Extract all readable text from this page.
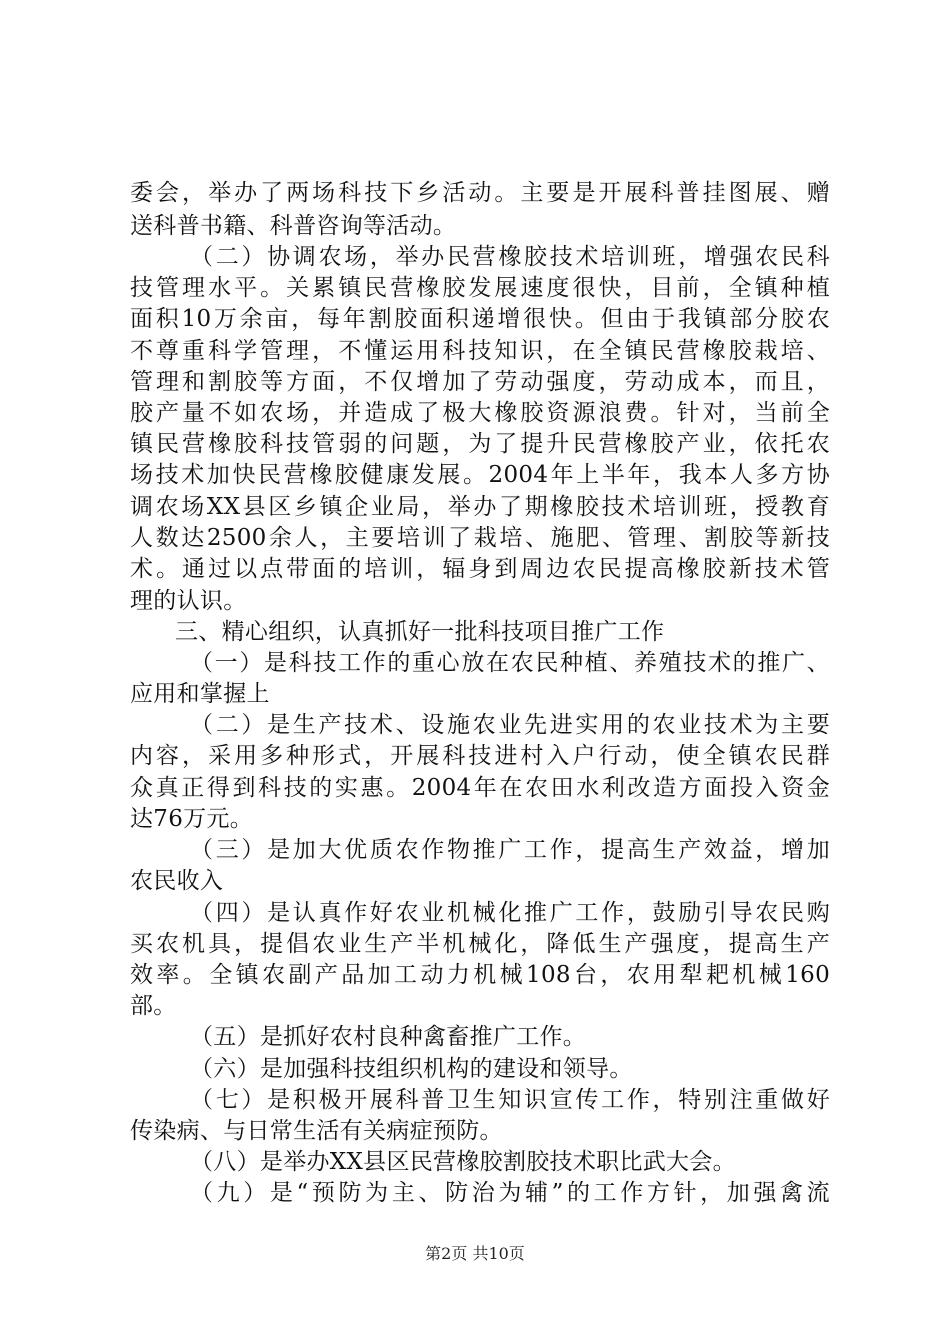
委会，举办了两场科技下乡活动。主要是开展科普挂图展、赠
送科普书籍、科普咨询等活动。
（二）协调农场，举办民营橡胶技术培训班，增强农民科
技管理水平。关累镇民营橡胶发展速度很快，目前，全镇种植
面积10万余亩，每年割胶面积递增很快。但由于我镇部分胶农
不尊重科学管理，不懂运用科技知识，在全镇民营橡胶栽培、
管理和割胶等方面，不仅增加了劳动强度，劳动成本，而且，
胶产量不如农场，并造成了极大橡胶资源浪费。针对，当前全
镇民营橡胶科技管弱的问题，为了提升民营橡胶产业，依托农
场技术加快民营橡胶健康发展。2004年上半年，我本人多方协
调农场XX县区乡镇企业局，举办了期橡胶技术培训班，授教育
人数达2500余人，主要培训了栽培、施肥、管理、割胶等新技
术。通过以点带面的培训，辐身到周边农民提高橡胶新技术管
理的认识。
三、精心组织，认真抓好一批科技项目推广工作
（一）是科技工作的重心放在农民种植、养殖技术的推广、
应用和掌握上
（二）是生产技术、设施农业先进实用的农业技术为主要
内容，采用多种形式，开展科技进村入户行动，使全镇农民群
众真正得到科技的实惠。2004年在农田水利改造方面投入资金
达76万元。
（三）是加大优质农作物推广工作，提高生产效益，增加
农民收入
（四）是认真作好农业机械化推广工作，鼓励引导农民购
买农机具，提倡农业生产半机械化，降低生产强度，提高生产
效率。全镇农副产品加工动力机械108台，农用犁耙机械160
部。
（五）是抓好农村良种禽畜推广工作。
（六）是加强科技组织机构的建设和领导。
（七）是积极开展科普卫生知识宣传工作，特别注重做好
传染病、与日常生活有关病症预防。
（八）是举办XX县区民营橡胶割胶技术职比武大会。
（九）是“预防为主、防治为辅”的工作方针，加强禽流
第2页 共10页
